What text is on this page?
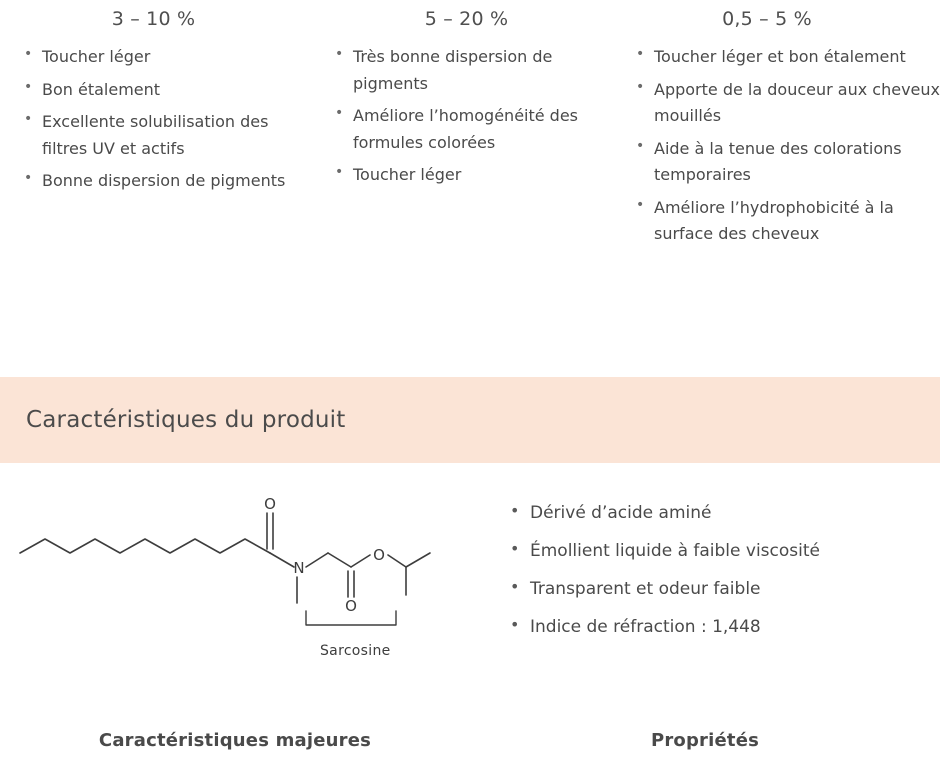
3 – 10 %
• Toucher léger
• Bon étalement
• Excellente solubilisation des filtres UV et actifs
• Bonne dispersion de pigments
5 – 20 %
• Très bonne dispersion de pigments
• Améliore l’homogénéité des formules colorées
• Toucher léger
0,5 – 5 %
• Toucher léger et bon étalement
• Apporte de la douceur aux cheveux mouillés
• Aide à la tenue des colorations temporaires
• Améliore l’hydrophobicité à la surface des cheveux
Caractéristiques du produit
O
N
O
O
Sarcosine
Caractéristiques majeures
• Dérivé d’acide aminé
• Émollient liquide à faible viscosité
• Transparent et odeur faible
• Indice de réfraction : 1,448
Propriétés
